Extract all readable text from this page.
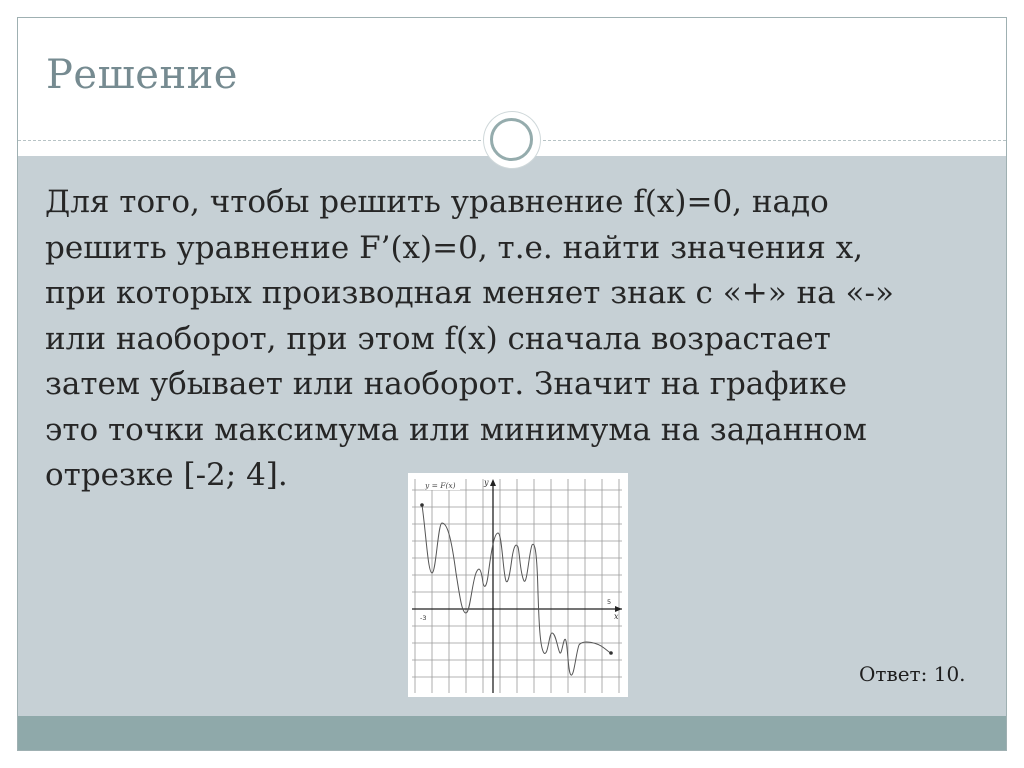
Решение

Для того, чтобы решить уравнение f(x)=0, надо
решить уравнение F’(x)=0, т.е. найти значения x,
при которых производная меняет знак с «+» на «-»
или наоборот, при этом f(x) сначала возрастает
затем убывает или наоборот. Значит на графике
это точки максимума или минимума на заданном
отрезке [-2; 4].	y = F(x)	y
x
-3
5

Ответ: 10.
